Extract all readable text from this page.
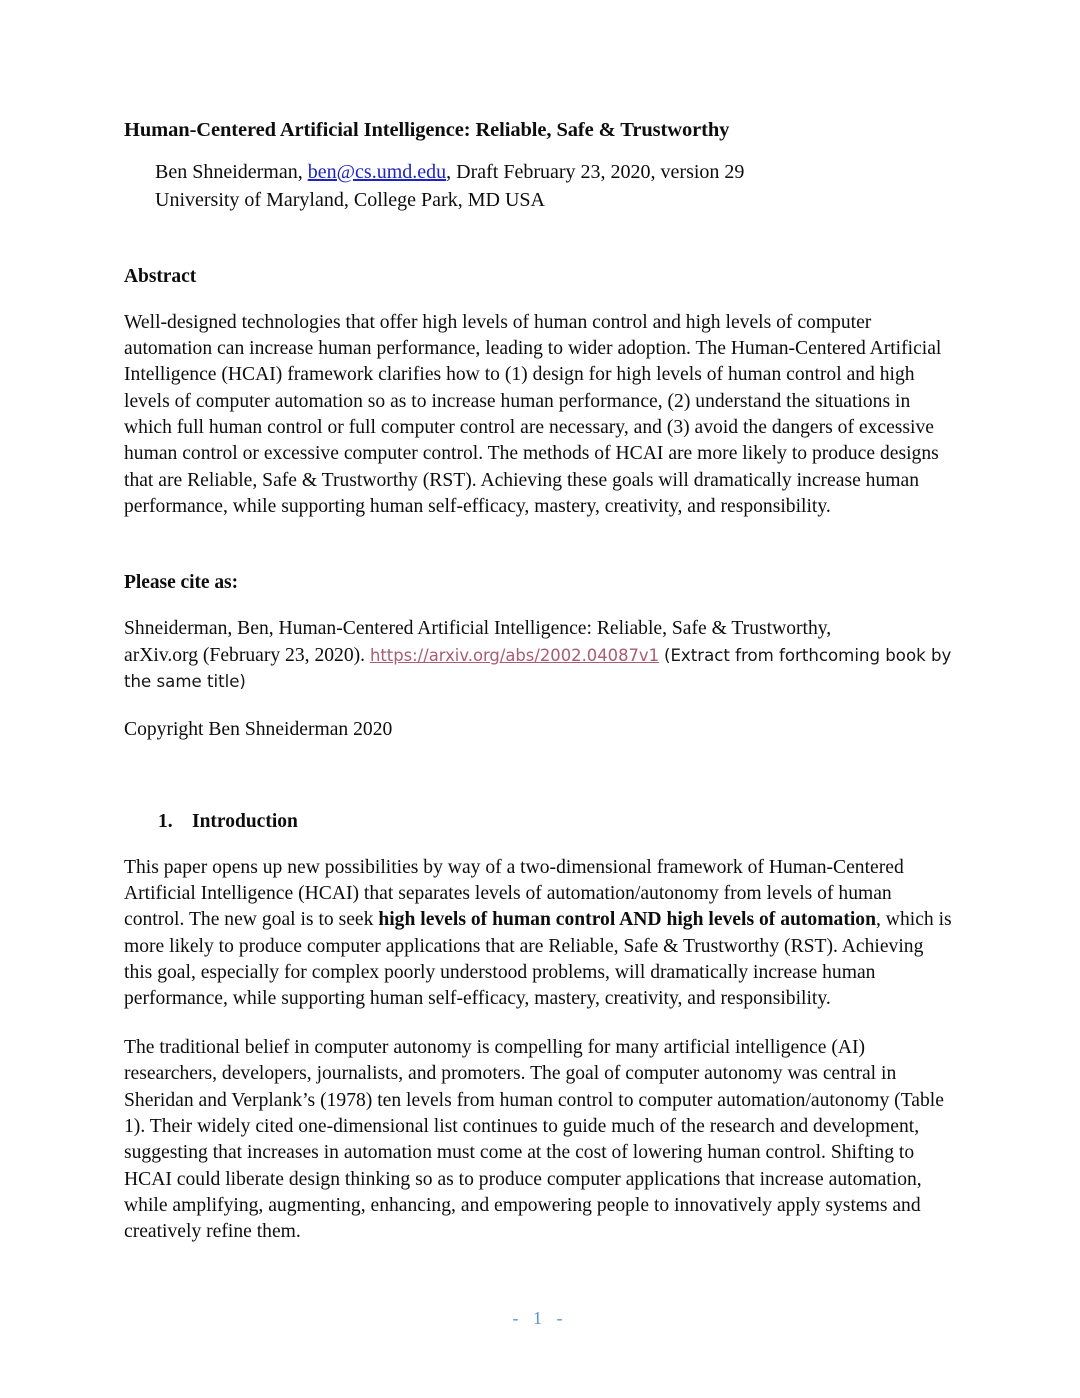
Human-Centered Artificial Intelligence: Reliable, Safe & Trustworthy
Ben Shneiderman, ben@cs.umd.edu, Draft February 23, 2020, version 29
University of Maryland, College Park, MD USA
Abstract

Well-designed technologies that offer high levels of human control and high levels of computer automation can increase human performance, leading to wider adoption. The Human-Centered Artificial Intelligence (HCAI) framework clarifies how to (1) design for high levels of human control and high levels of computer automation so as to increase human performance, (2) understand the situations in which full human control or full computer control are necessary, and (3) avoid the dangers of excessive human control or excessive computer control. The methods of HCAI are more likely to produce designs that are Reliable, Safe & Trustworthy (RST). Achieving these goals will dramatically increase human performance, while supporting human self-efficacy, mastery, creativity, and responsibility.

Please cite as:
Shneiderman, Ben, Human-Centered Artificial Intelligence: Reliable, Safe & Trustworthy,
arXiv.org (February 23, 2020). https://arxiv.org/abs/2002.04087v1 (Extract from forthcoming book by the same title)

Copyright Ben Shneiderman 2020

1. Introduction

This paper opens up new possibilities by way of a two-dimensional framework of Human-Centered Artificial Intelligence (HCAI) that separates levels of automation/autonomy from levels of human control. The new goal is to seek high levels of human control AND high levels of automation, which is more likely to produce computer applications that are Reliable, Safe & Trustworthy (RST). Achieving this goal, especially for complex poorly understood problems, will dramatically increase human performance, while supporting human self-efficacy, mastery, creativity, and responsibility.

The traditional belief in computer autonomy is compelling for many artificial intelligence (AI) researchers, developers, journalists, and promoters. The goal of computer autonomy was central in Sheridan and Verplank’s (1978) ten levels from human control to computer automation/autonomy (Table 1). Their widely cited one-dimensional list continues to guide much of the research and development, suggesting that increases in automation must come at the cost of lowering human control. Shifting to HCAI could liberate design thinking so as to produce computer applications that increase automation, while amplifying, augmenting, enhancing, and empowering people to innovatively apply systems and creatively refine them.

- 1 -
